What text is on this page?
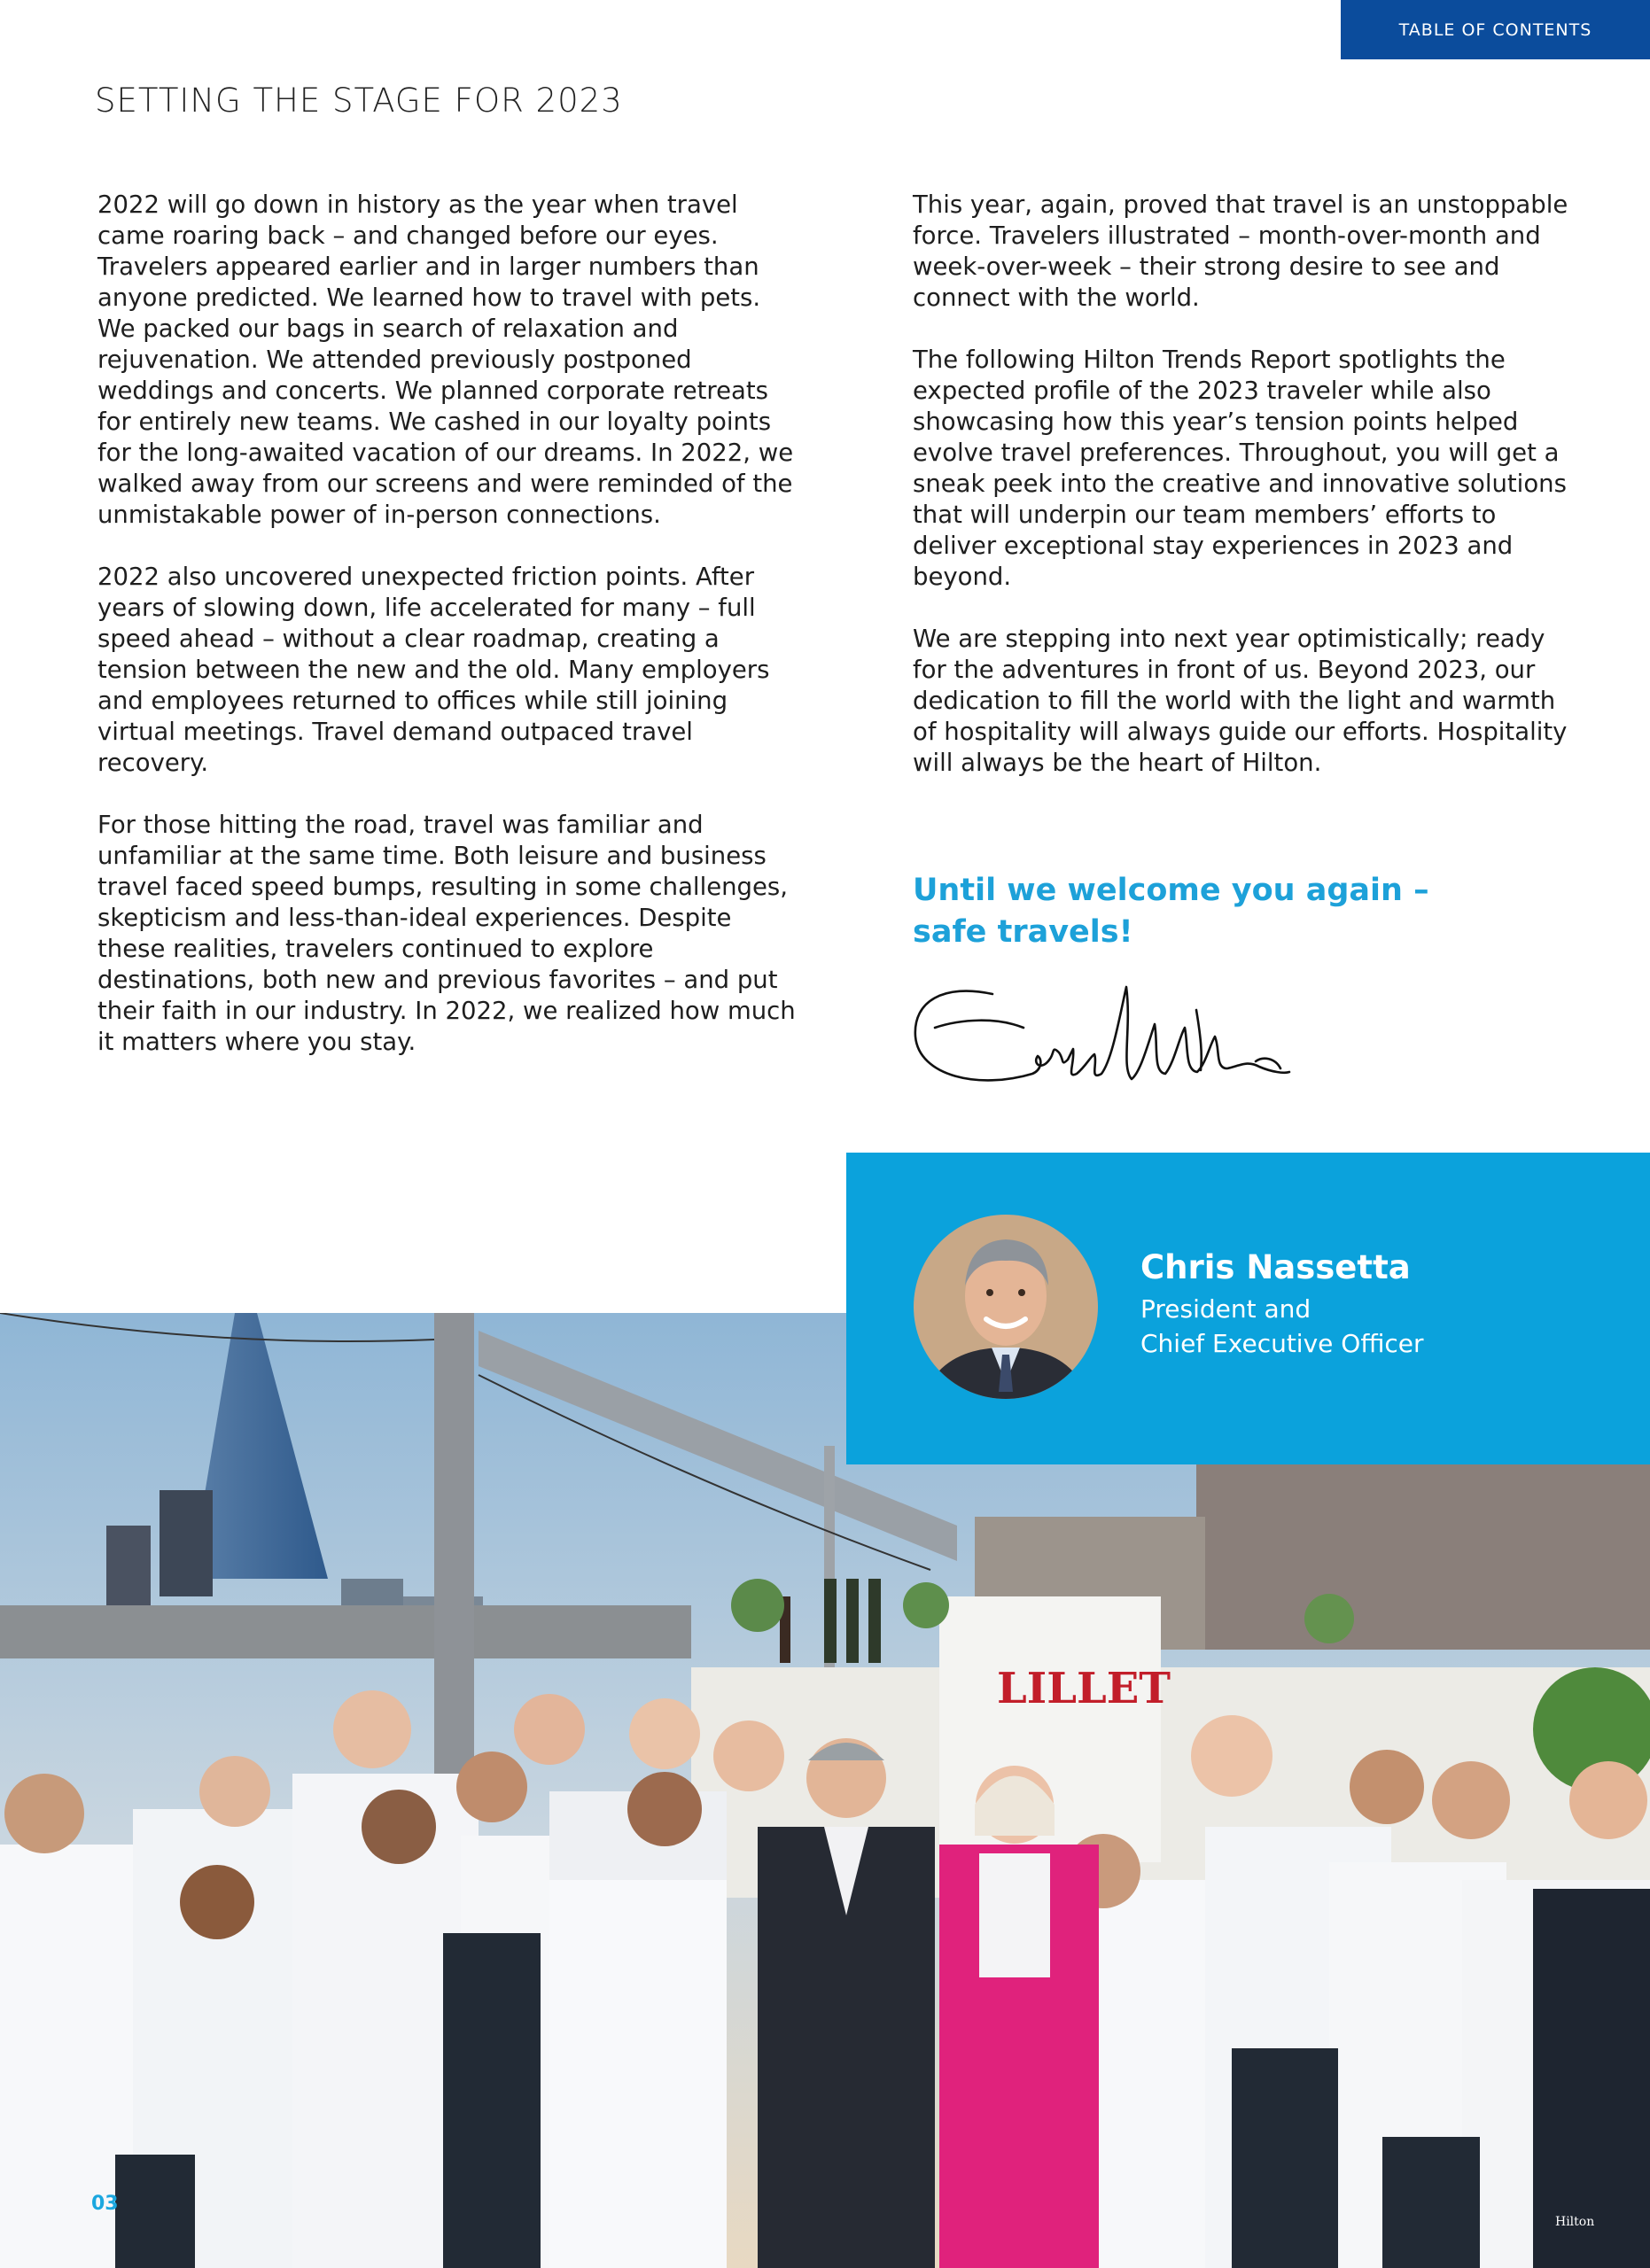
TABLE OF CONTENTS
SETTING THE STAGE FOR 2023

2022 will go down in history as the year when travel came roaring back – and changed before our eyes. Travelers appeared earlier and in larger numbers than anyone predicted. We learned how to travel with pets. We packed our bags in search of relaxation and rejuvenation. We attended previously postponed weddings and concerts. We planned corporate retreats for entirely new teams. We cashed in our loyalty points for the long-awaited vacation of our dreams. In 2022, we walked away from our screens and were reminded of the unmistakable power of in-person connections.

2022 also uncovered unexpected friction points. After years of slowing down, life accelerated for many – full speed ahead – without a clear roadmap, creating a tension between the new and the old. Many employers and employees returned to offices while still joining virtual meetings. Travel demand outpaced travel recovery.

For those hitting the road, travel was familiar and unfamiliar at the same time. Both leisure and business travel faced speed bumps, resulting in some challenges, skepticism and less-than-ideal experiences. Despite these realities, travelers continued to explore destinations, both new and previous favorites – and put their faith in our industry. In 2022, we realized how much it matters where you stay.

This year, again, proved that travel is an unstoppable force. Travelers illustrated – month-over-month and week-over-week – their strong desire to see and connect with the world.

The following Hilton Trends Report spotlights the expected profile of the 2023 traveler while also showcasing how this year’s tension points helped evolve travel preferences. Throughout, you will get a sneak peek into the creative and innovative solutions that will underpin our team members’ efforts to deliver exceptional stay experiences in 2023 and beyond.

We are stepping into next year optimistically; ready for the adventures in front of us. Beyond 2023, our dedication to fill the world with the light and warmth of hospitality will always guide our efforts. Hospitality will always be the heart of Hilton.

Until we welcome you again –
safe travels!
LILLET
Hilton
Chris Nassetta
President and
Chief Executive Officer
03
